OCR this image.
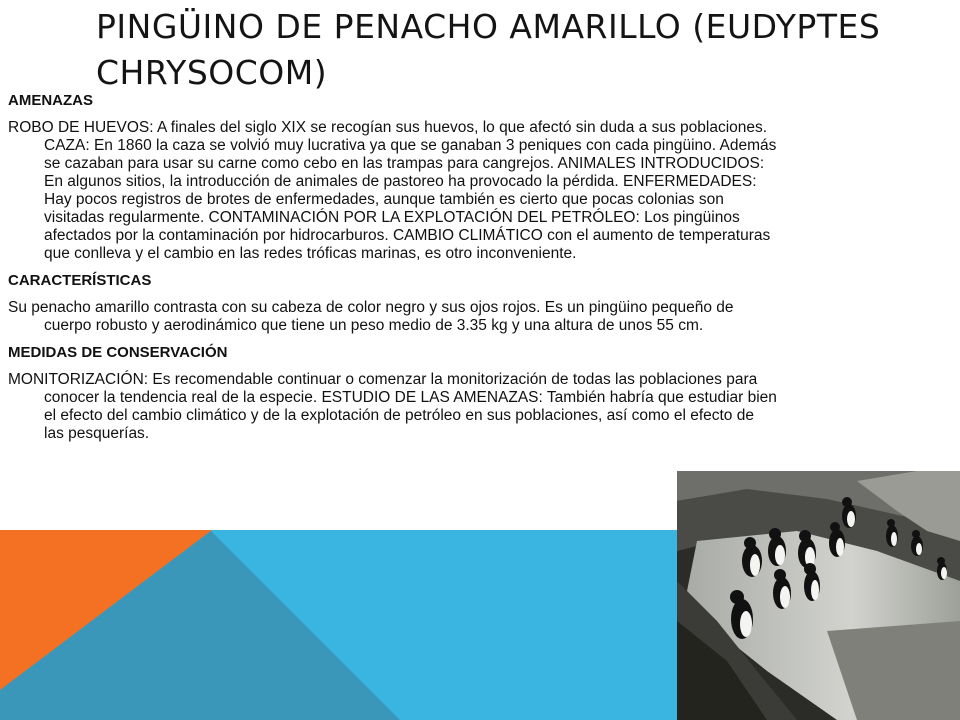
PINGÜINO DE PENACHO AMARILLO (EUDYPTES CHRYSOCOM)
AMENAZAS

ROBO DE HUEVOS: A finales del siglo XIX se recogían sus huevos, lo que afectó sin duda a sus poblaciones. CAZA: En 1860 la caza se volvió muy lucrativa ya que se ganaban 3 peniques con cada pingüino. Además se cazaban para usar su carne como cebo en las trampas para cangrejos. ANIMALES INTRODUCIDOS: En algunos sitios, la introducción de animales de pastoreo ha provocado la pérdida. ENFERMEDADES: Hay pocos registros de brotes de enfermedades, aunque también es cierto que pocas colonias son visitadas regularmente. CONTAMINACIÓN POR LA EXPLOTACIÓN DEL PETRÓLEO: Los pingüinos afectados por la contaminación por hidrocarburos. CAMBIO CLIMÁTICO con el aumento de temperaturas que conlleva y el cambio en las redes tróficas marinas, es otro inconveniente.

CARACTERÍSTICAS

Su penacho amarillo contrasta con su cabeza de color negro y sus ojos rojos. Es un pingüino pequeño de cuerpo robusto y aerodinámico que tiene un peso medio de 3.35 kg y una altura de unos 55 cm.

MEDIDAS DE CONSERVACIÓN

MONITORIZACIÓN: Es recomendable continuar o comenzar la monitorización de todas las poblaciones para conocer la tendencia real de la especie. ESTUDIO DE LAS AMENAZAS: También habría que estudiar bien el efecto del cambio climático y de la explotación de petróleo en sus poblaciones, así como el efecto de las pesquerías.
